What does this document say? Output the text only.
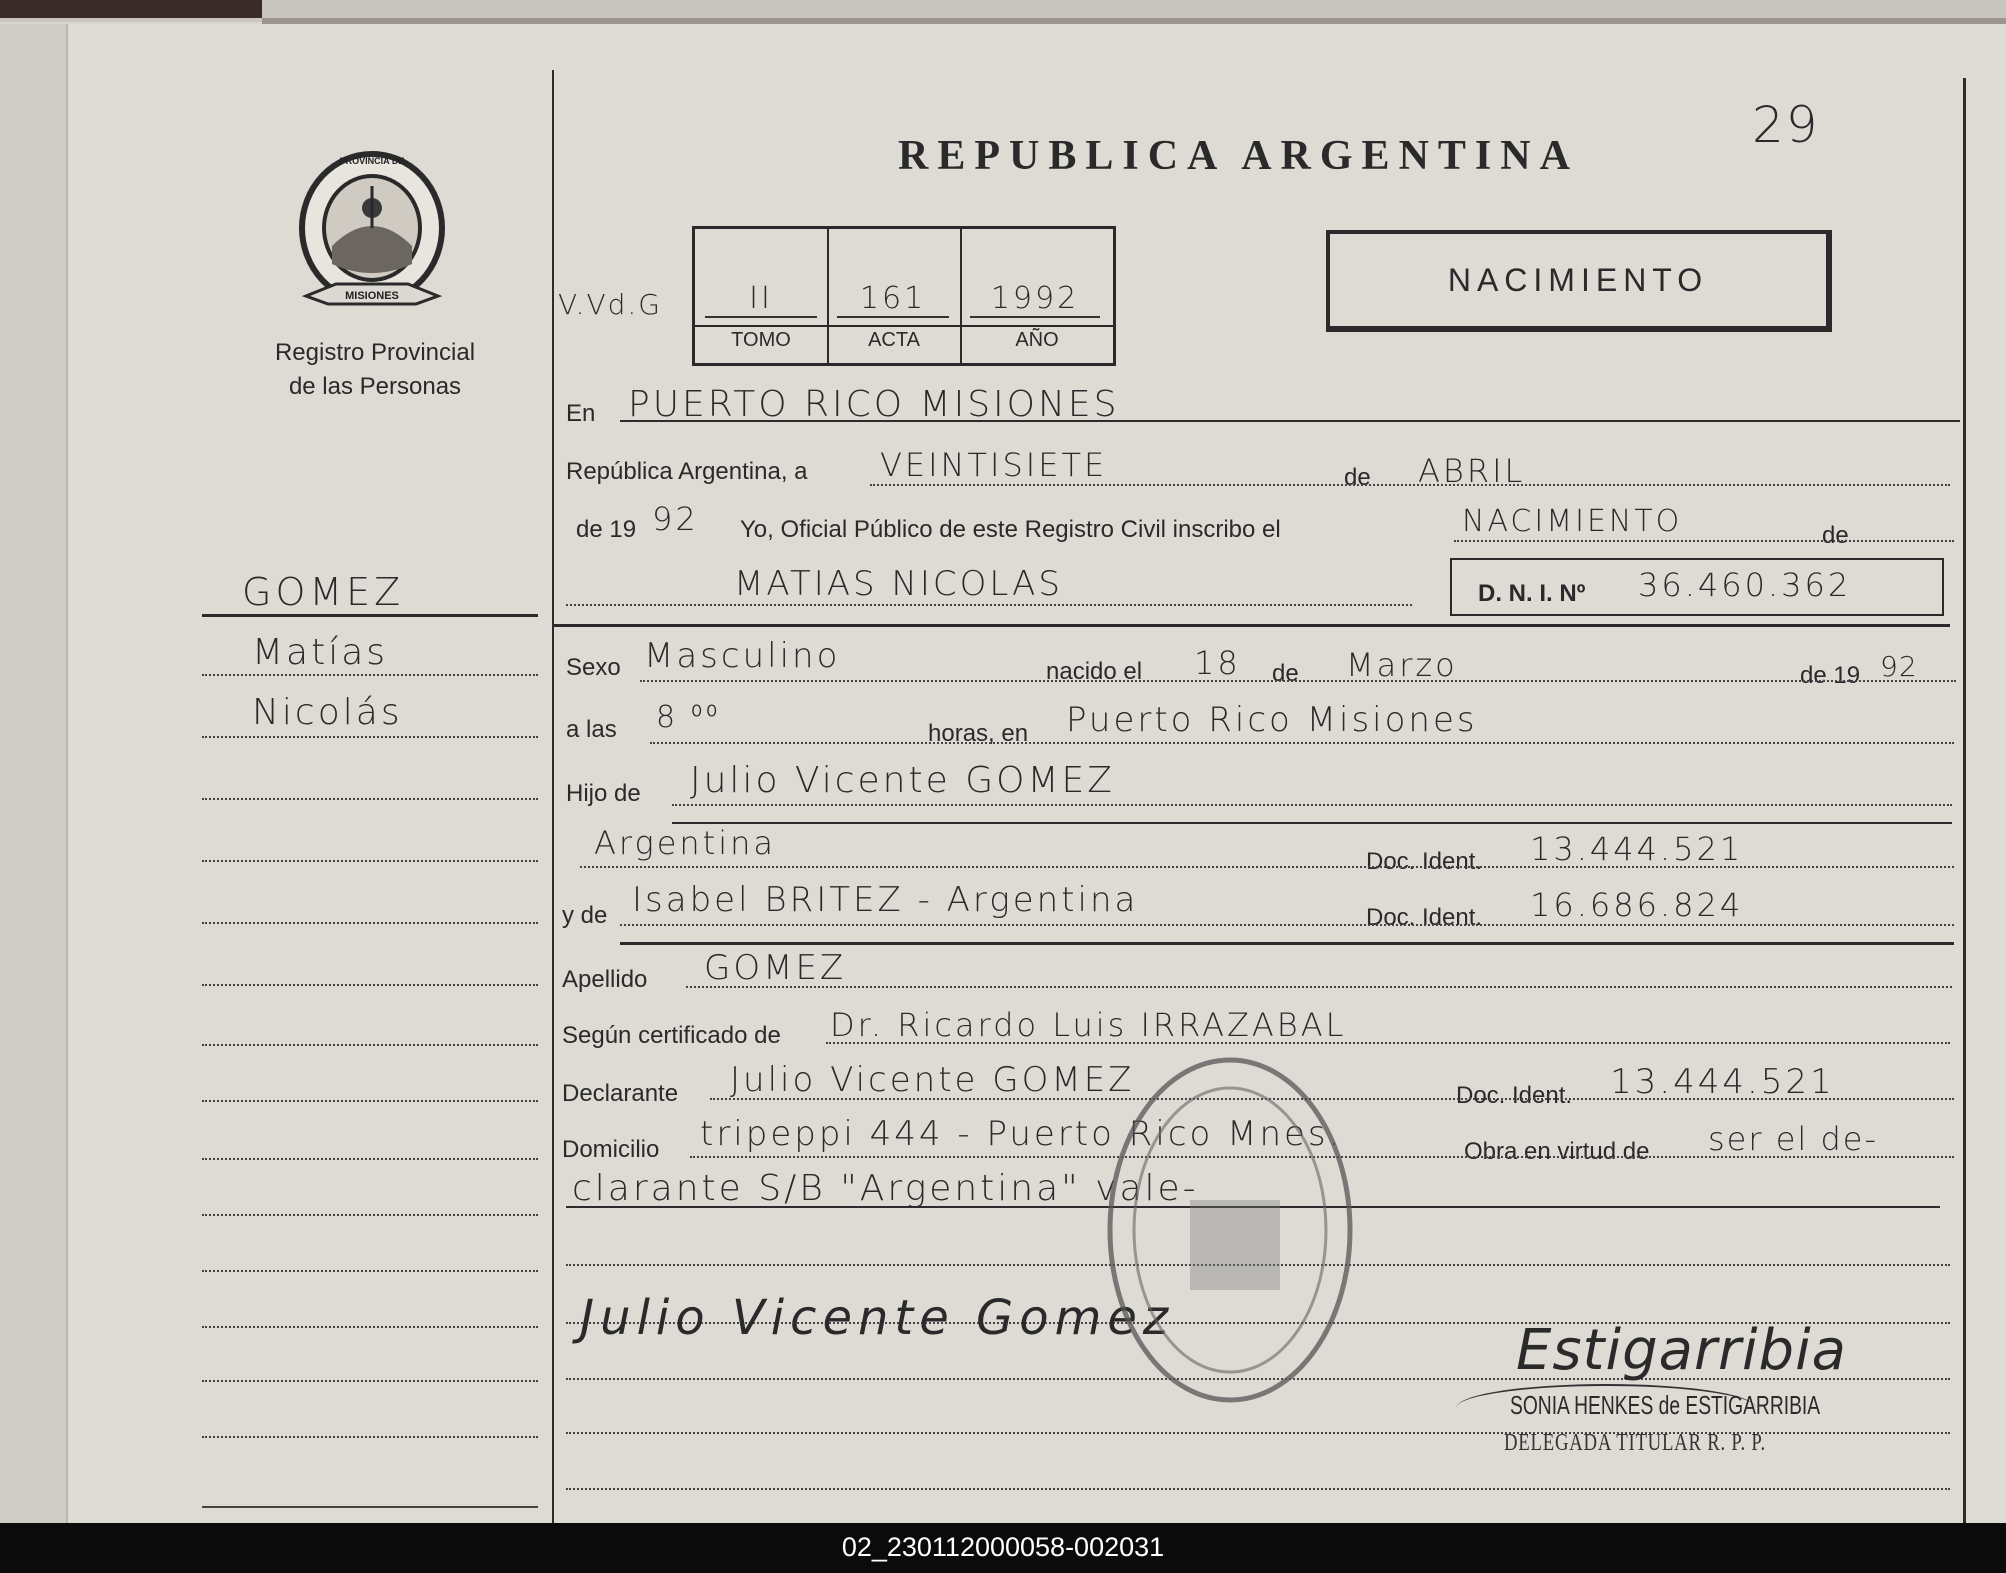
29
REPUBLICA ARGENTINA
MISIONES
PROVINCIA DE
Registro Provincial
de las Personas
V.Vd.G	II	161	1992
TOMO	ACTA	AÑO
NACIMIENTO
GOMEZ
Matías
Nicolás
En PUERTO RICO MISIONES
República Argentina, a VEINTISIETE	de ABRIL
de 19 92 Yo, Oficial Público de este Registro Civil inscribo el	NACIMIENTO	de
MATIAS NICOLAS	D. N. I. Nº 36.460.362
Sexo Masculino	nacido el 18 de Marzo	de 19 92
a las 8 ⁰⁰	horas, en Puerto Rico Misiones
Hijo de Julio Vicente GOMEZ
Argentina	Doc. Ident. 13.444.521
y de Isabel BRITEZ - Argentina	Doc. Ident. 16.686.824
Apellido GOMEZ
Según certificado de Dr. Ricardo Luis IRRAZABAL
Declarante Julio Vicente GOMEZ	Doc. Ident. 13.444.521
Domicilio tripeppi 444 - Puerto Rico Mnes.	Obra en virtud de ser el de-
clarante S/B "Argentina" vale-
Julio Vicente Gomez	Estigarribia
SONIA HENKES de ESTIGARRIBIA
DELEGADA TITULAR R. P. P.
02_230112000058-002031
